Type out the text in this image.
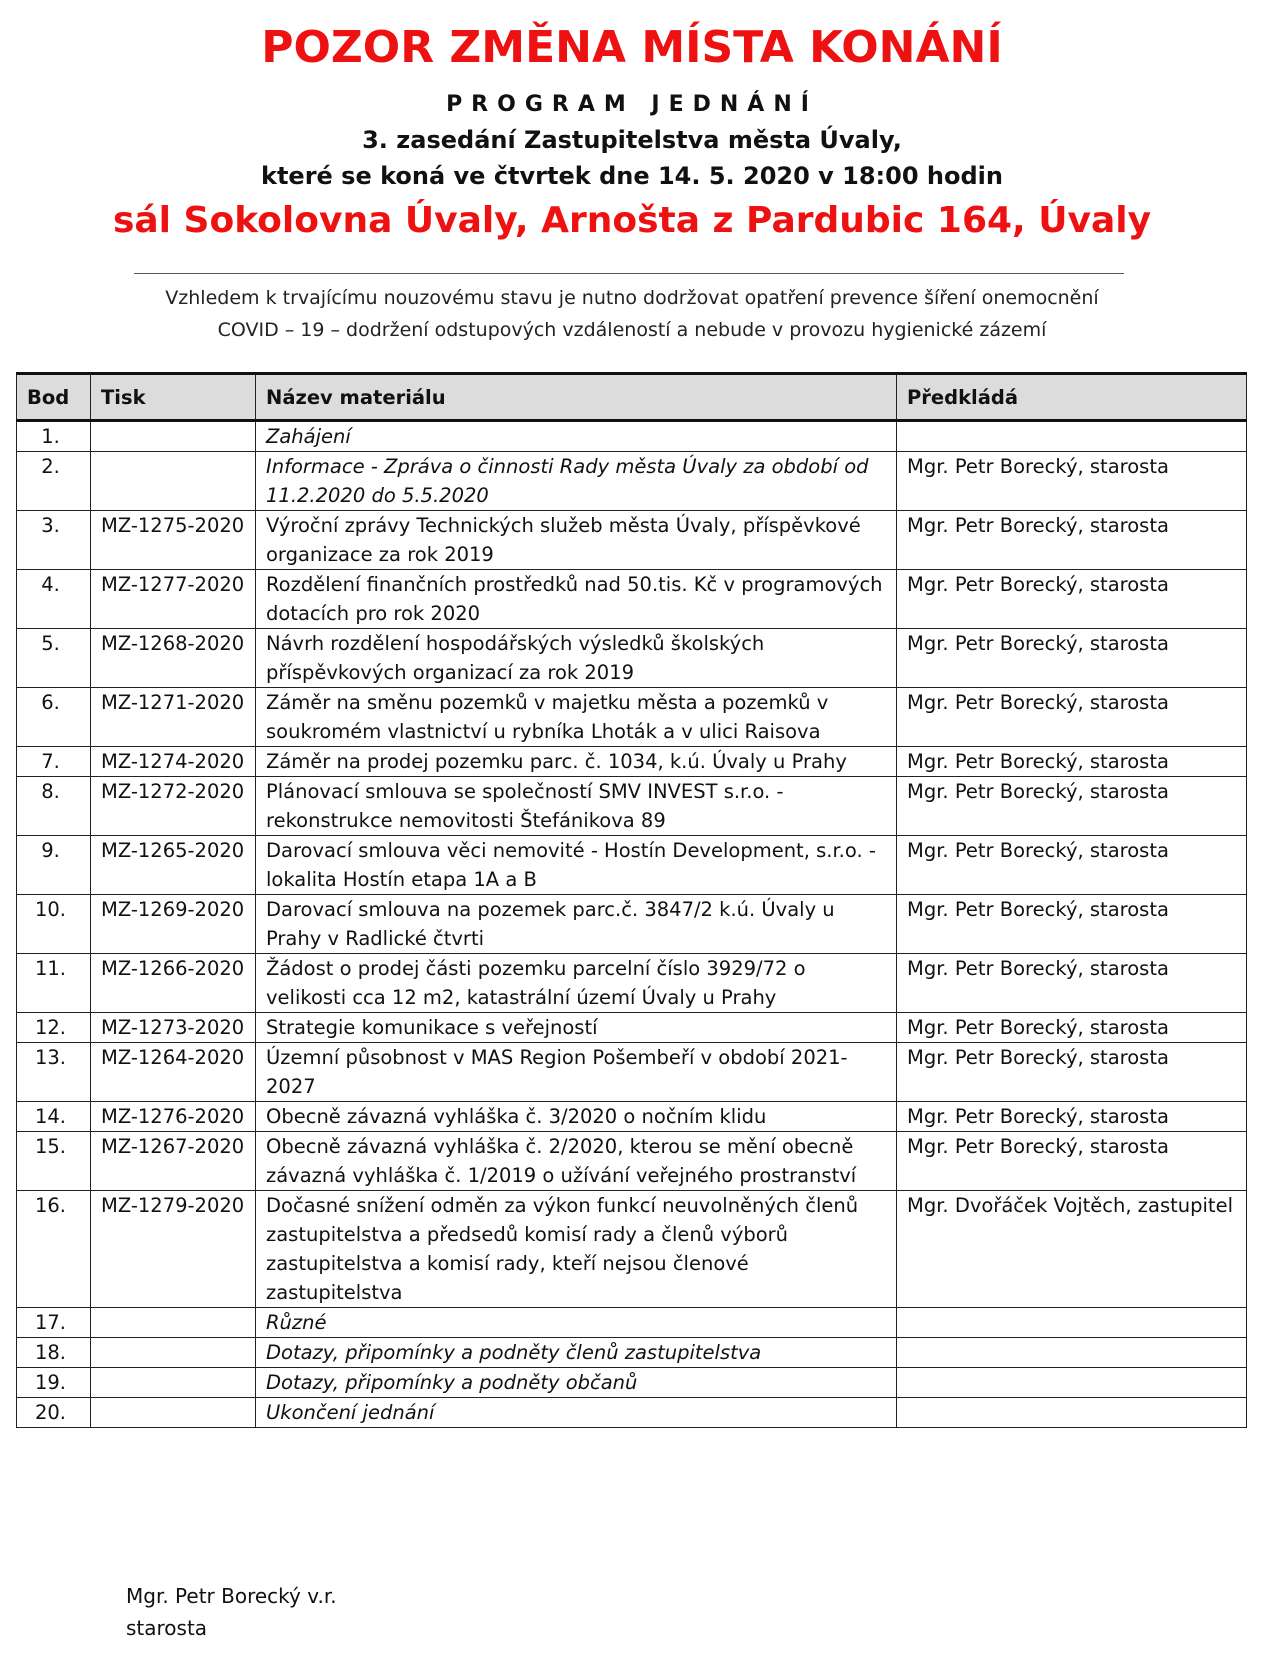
POZOR ZMĚNA MÍSTA KONÁNÍ
PROGRAM JEDNÁNÍ
3. zasedání Zastupitelstva města Úvaly,
které se koná ve čtvrtek dne 14. 5. 2020 v 18:00 hodin
sál Sokolovna Úvaly, Arnošta z Pardubic 164, Úvaly
Vzhledem k trvajícímu nouzovému stavu je nutno dodržovat opatření prevence šíření onemocnění
COVID – 19 – dodržení odstupových vzdáleností a nebude v provozu hygienické zázemí
Bod	Tisk	Název materiálu	Předkládá
1.		Zahájení	
2.		Informace - Zpráva o činnosti Rady města Úvaly za období od 11.2.2020 do 5.5.2020	Mgr. Petr Borecký, starosta
3.	MZ-1275-2020	Výroční zprávy Technických služeb města Úvaly, příspěvkové organizace za rok 2019	Mgr. Petr Borecký, starosta
4.	MZ-1277-2020	Rozdělení finančních prostředků nad 50.tis. Kč v programových dotacích pro rok 2020	Mgr. Petr Borecký, starosta
5.	MZ-1268-2020	Návrh rozdělení hospodářských výsledků školských příspěvkových organizací za rok 2019	Mgr. Petr Borecký, starosta
6.	MZ-1271-2020	Záměr na směnu pozemků v majetku města a pozemků v soukromém vlastnictví u rybníka Lhoták a v ulici Raisova	Mgr. Petr Borecký, starosta
7.	MZ-1274-2020	Záměr na prodej pozemku parc. č. 1034, k.ú. Úvaly u Prahy	Mgr. Petr Borecký, starosta
8.	MZ-1272-2020	Plánovací smlouva se společností SMV INVEST s.r.o. - rekonstrukce nemovitosti Štefánikova 89	Mgr. Petr Borecký, starosta
9.	MZ-1265-2020	Darovací smlouva věci nemovité - Hostín Development, s.r.o. - lokalita Hostín etapa 1A a B	Mgr. Petr Borecký, starosta
10.	MZ-1269-2020	Darovací smlouva na pozemek parc.č. 3847/2 k.ú. Úvaly u Prahy v Radlické čtvrti	Mgr. Petr Borecký, starosta
11.	MZ-1266-2020	Žádost o prodej části pozemku parcelní číslo 3929/72 o velikosti cca 12 m2, katastrální území Úvaly u Prahy	Mgr. Petr Borecký, starosta
12.	MZ-1273-2020	Strategie komunikace s veřejností	Mgr. Petr Borecký, starosta
13.	MZ-1264-2020	Územní působnost v MAS Region Pošembeří v období 2021-2027	Mgr. Petr Borecký, starosta
14.	MZ-1276-2020	Obecně závazná vyhláška č. 3/2020 o nočním klidu	Mgr. Petr Borecký, starosta
15.	MZ-1267-2020	Obecně závazná vyhláška č. 2/2020, kterou se mění obecně závazná vyhláška č. 1/2019 o užívání veřejného prostranství	Mgr. Petr Borecký, starosta
16.	MZ-1279-2020	Dočasné snížení odměn za výkon funkcí neuvolněných členů zastupitelstva a předsedů komisí rady a členů výborů zastupitelstva a komisí rady, kteří nejsou členové zastupitelstva	Mgr. Dvořáček Vojtěch, zastupitel
17.		Různé	
18.		Dotazy, připomínky a podněty členů zastupitelstva	
19.		Dotazy, připomínky a podněty občanů	
20.		Ukončení jednání	
Mgr. Petr Borecký v.r.
starosta
